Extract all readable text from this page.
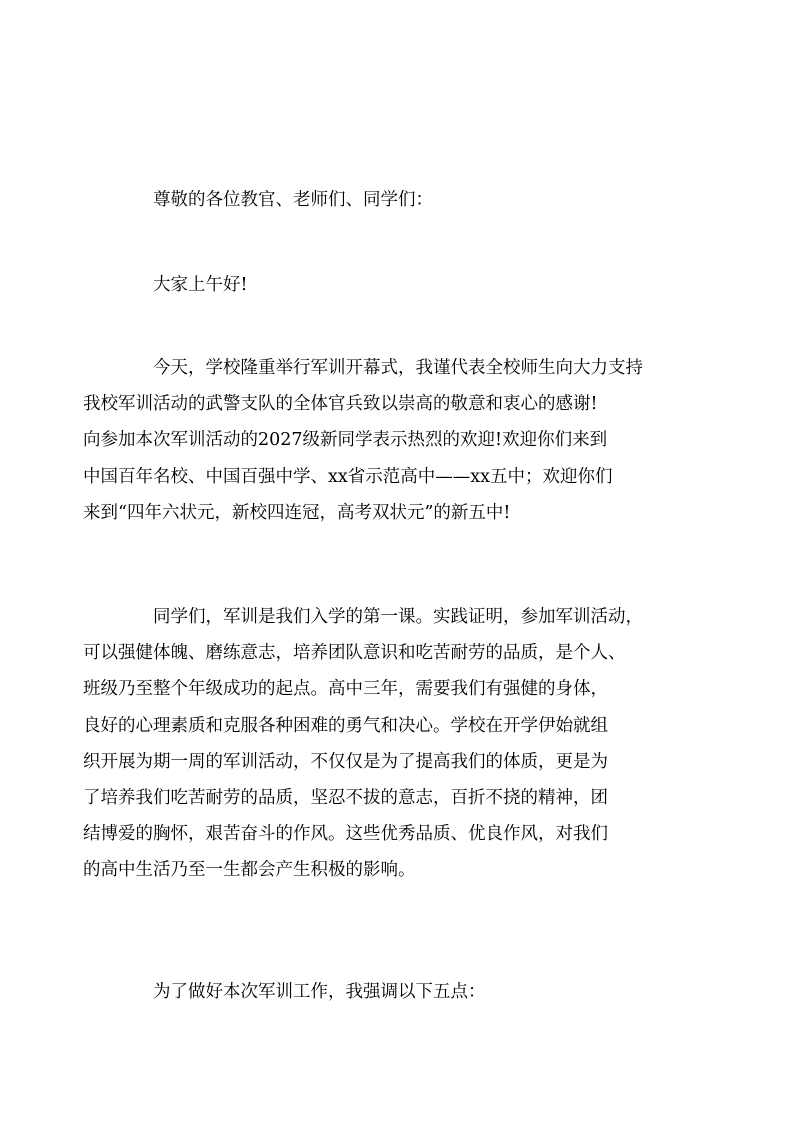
尊敬的各位教官、老师们、同学们：

大家上午好!

今天，学校隆重举行军训开幕式，我谨代表全校师生向大力支持
我校军训活动的武警支队的全体官兵致以崇高的敬意和衷心的感谢!
向参加本次军训活动的2027级新同学表示热烈的欢迎!欢迎你们来到
中国百年名校、中国百强中学、xx省示范高中——xx五中；欢迎你们
来到“四年六状元，新校四连冠，高考双状元”的新五中!

同学们，军训是我们入学的第一课。实践证明，参加军训活动，
可以强健体魄、磨练意志，培养团队意识和吃苦耐劳的品质，是个人、
班级乃至整个年级成功的起点。高中三年，需要我们有强健的身体，
良好的心理素质和克服各种困难的勇气和决心。学校在开学伊始就组
织开展为期一周的军训活动，不仅仅是为了提高我们的体质，更是为
了培养我们吃苦耐劳的品质，坚忍不拔的意志，百折不挠的精神，团
结博爱的胸怀，艰苦奋斗的作风。这些优秀品质、优良作风，对我们
的高中生活乃至一生都会产生积极的影响。

为了做好本次军训工作，我强调以下五点：
